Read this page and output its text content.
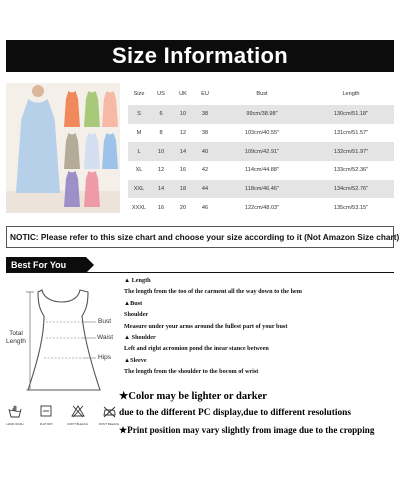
Size Information
Size	US	UK	EU	Bust	Length
S	6	10	38	99cm/38.98"	130cm/51.18"
M	8	12	38	103cm/40.55"	131cm/51.57"
L	10	14	40	109cm/42.91"	132cm/51.97"
XL	12	16	42	114cm/44.88"	133cm/52.36"
XXL	14	18	44	118cm/46.46"	134cm/52.76"
XXXL	16	20	46	122cm/48.03"	135cm/53.15"
NOTIC: Please refer to this size chart and choose your size according to it (Not Amazon Size chart)
Best For You
Total
Length
Bust
Waist
Hips
HAND WASH	FLAT DRY	DON'T BLEACH	DON'T BLEACH
▲ Length
The length from the too of the carment all the way down to the hem
▲Bust
Shoulder
Measure under your arms around the fullest part of your bust
▲ Shoulder
Left and right acromion pond the inear stance between
▲Sleeve
The length from the shoulder to the bocom of wrist
★Color may be lighter or darker
due to the different PC display,due to different resolutions
★Print position may vary slightly from image due to the cropping
